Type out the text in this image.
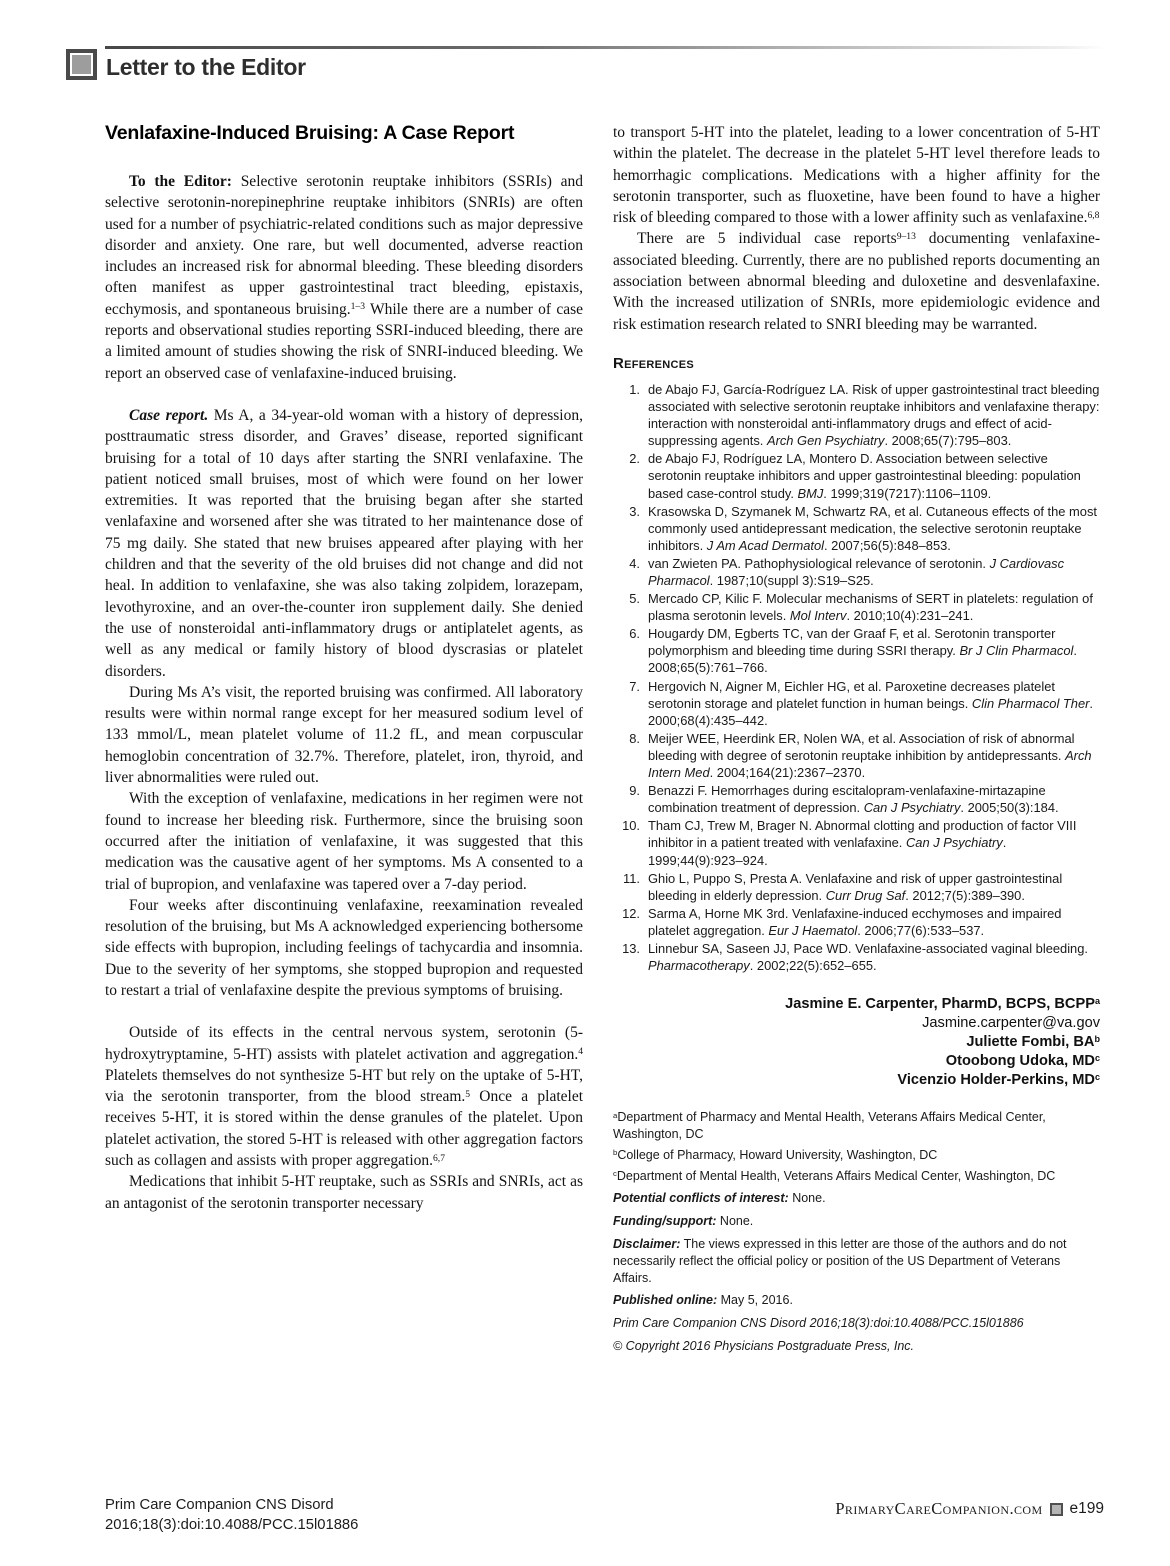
Letter to the Editor
Venlafaxine-Induced Bruising: A Case Report

To the Editor: Selective serotonin reuptake inhibitors (SSRIs) and selective serotonin-norepinephrine reuptake inhibitors (SNRIs) are often used for a number of psychiatric-related conditions such as major depressive disorder and anxiety. One rare, but well documented, adverse reaction includes an increased risk for abnormal bleeding. These bleeding disorders often manifest as upper gastrointestinal tract bleeding, epistaxis, ecchymosis, and spontaneous bruising.$^{1-3}$ While there are a number of case reports and observational studies reporting SSRI-induced bleeding, there are a limited amount of studies showing the risk of SNRI-induced bleeding. We report an observed case of venlafaxine-induced bruising.

Case report. Ms A, a 34-year-old woman with a history of depression, posttraumatic stress disorder, and Graves’ disease, reported significant bruising for a total of 10 days after starting the SNRI venlafaxine. The patient noticed small bruises, most of which were found on her lower extremities. It was reported that the bruising began after she started venlafaxine and worsened after she was titrated to her maintenance dose of 75 mg daily. She stated that new bruises appeared after playing with her children and that the severity of the old bruises did not change and did not heal. In addition to venlafaxine, she was also taking zolpidem, lorazepam, levothyroxine, and an over-the-counter iron supplement daily. She denied the use of nonsteroidal anti-inflammatory drugs or antiplatelet agents, as well as any medical or family history of blood dyscrasias or platelet disorders.

During Ms A’s visit, the reported bruising was confirmed. All laboratory results were within normal range except for her measured sodium level of 133 mmol/L, mean platelet volume of 11.2 fL, and mean corpuscular hemoglobin concentration of 32.7%. Therefore, platelet, iron, thyroid, and liver abnormalities were ruled out.

With the exception of venlafaxine, medications in her regimen were not found to increase her bleeding risk. Furthermore, since the bruising soon occurred after the initiation of venlafaxine, it was suggested that this medication was the causative agent of her symptoms. Ms A consented to a trial of bupropion, and venlafaxine was tapered over a 7-day period.

Four weeks after discontinuing venlafaxine, reexamination revealed resolution of the bruising, but Ms A acknowledged experiencing bothersome side effects with bupropion, including feelings of tachycardia and insomnia. Due to the severity of her symptoms, she stopped bupropion and requested to restart a trial of venlafaxine despite the previous symptoms of bruising.

Outside of its effects in the central nervous system, serotonin (5-hydroxytryptamine, 5-HT) assists with platelet activation and aggregation.$^4$ Platelets themselves do not synthesize 5-HT but rely on the uptake of 5-HT, via the serotonin transporter, from the blood stream.$^5$ Once a platelet receives 5-HT, it is stored within the dense granules of the platelet. Upon platelet activation, the stored 5-HT is released with other aggregation factors such as collagen and assists with proper aggregation.$^{6,7}$

Medications that inhibit 5-HT reuptake, such as SSRIs and SNRIs, act as an antagonist of the serotonin transporter necessary

to transport 5-HT into the platelet, leading to a lower concentration of 5-HT within the platelet. The decrease in the platelet 5-HT level therefore leads to hemorrhagic complications. Medications with a higher affinity for the serotonin transporter, such as fluoxetine, have been found to have a higher risk of bleeding compared to those with a lower affinity such as venlafaxine.$^{6,8}$

There are 5 individual case reports$^{9-13}$ documenting venlafaxine-associated bleeding. Currently, there are no published reports documenting an association between abnormal bleeding and duloxetine and desvenlafaxine. With the increased utilization of SNRIs, more epidemiologic evidence and risk estimation research related to SNRI bleeding may be warranted.

References
1. de Abajo FJ, García-Rodríguez LA. Risk of upper gastrointestinal tract bleeding associated with selective serotonin reuptake inhibitors and venlafaxine therapy: interaction with nonsteroidal anti-inflammatory drugs and effect of acid-suppressing agents. Arch Gen Psychiatry. 2008;65(7):795–803.
2. de Abajo FJ, Rodríguez LA, Montero D. Association between selective serotonin reuptake inhibitors and upper gastrointestinal bleeding: population based case-control study. BMJ. 1999;319(7217):1106–1109.
3. Krasowska D, Szymanek M, Schwartz RA, et al. Cutaneous effects of the most commonly used antidepressant medication, the selective serotonin reuptake inhibitors. J Am Acad Dermatol. 2007;56(5):848–853.
4. van Zwieten PA. Pathophysiological relevance of serotonin. J Cardiovasc Pharmacol. 1987;10(suppl 3):S19–S25.
5. Mercado CP, Kilic F. Molecular mechanisms of SERT in platelets: regulation of plasma serotonin levels. Mol Interv. 2010;10(4):231–241.
6. Hougardy DM, Egberts TC, van der Graaf F, et al. Serotonin transporter polymorphism and bleeding time during SSRI therapy. Br J Clin Pharmacol. 2008;65(5):761–766.
7. Hergovich N, Aigner M, Eichler HG, et al. Paroxetine decreases platelet serotonin storage and platelet function in human beings. Clin Pharmacol Ther. 2000;68(4):435–442.
8. Meijer WEE, Heerdink ER, Nolen WA, et al. Association of risk of abnormal bleeding with degree of serotonin reuptake inhibition by antidepressants. Arch Intern Med. 2004;164(21):2367–2370.
9. Benazzi F. Hemorrhages during escitalopram-venlafaxine-mirtazapine combination treatment of depression. Can J Psychiatry. 2005;50(3):184.
10. Tham CJ, Trew M, Brager N. Abnormal clotting and production of factor VIII inhibitor in a patient treated with venlafaxine. Can J Psychiatry. 1999;44(9):923–924.
11. Ghio L, Puppo S, Presta A. Venlafaxine and risk of upper gastrointestinal bleeding in elderly depression. Curr Drug Saf. 2012;7(5):389–390.
12. Sarma A, Horne MK 3rd. Venlafaxine-induced ecchymoses and impaired platelet aggregation. Eur J Haematol. 2006;77(6):533–537.
13. Linnebur SA, Saseen JJ, Pace WD. Venlafaxine-associated vaginal bleeding. Pharmacotherapy. 2002;22(5):652–655.
Jasmine E. Carpenter, PharmD, BCPS, BCPP$^a$
Jasmine.carpenter@va.gov
Juliette Fombi, $BA^b$
Otoobong Udoka, $MD^c$
Vicenzio Holder-Perkins, $MD^c$
$^a$Department of Pharmacy and Mental Health, Veterans Affairs Medical Center, Washington, DC
$^b$College of Pharmacy, Howard University, Washington, DC
$^c$Department of Mental Health, Veterans Affairs Medical Center, Washington, DC
Potential conflicts of interest: None.
Funding/support: None.
Disclaimer: The views expressed in this letter are those of the authors and do not necessarily reflect the official policy or position of the US Department of Veterans Affairs.
Published online: May 5, 2016.
Prim Care Companion CNS Disord 2016;18(3):doi:10.4088/PCC.15l01886
© Copyright 2016 Physicians Postgraduate Press, Inc.
Prim Care Companion CNS Disord
2016;18(3):doi:10.4088/PCC.15l01886
PrimaryCareCompanion.com e199
